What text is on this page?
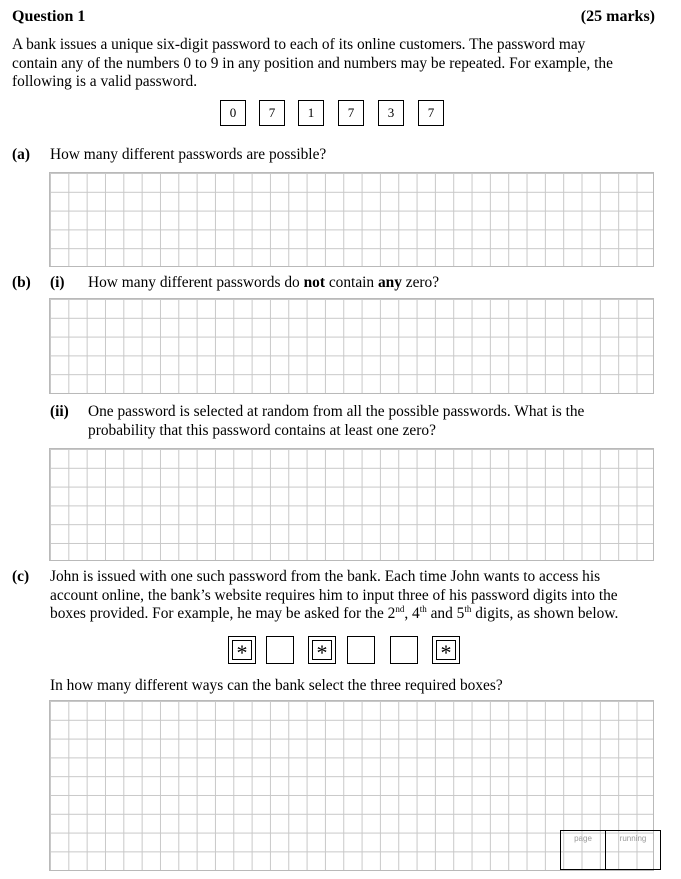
Question 1	(25 marks)
A bank issues a unique six-digit password to each of its online customers. The password may
contain any of the numbers 0 to 9 in any position and numbers may be repeated. For example, the
following is a valid password.
0	7	1	7	3	7
(a) How many different passwords are possible?
(b) (i) How many different passwords do not contain any zero?
(ii) One password is selected at random from all the possible passwords. What is the
probability that this password contains at least one zero?
(c) John is issued with one such password from the bank. Each time John wants to access his
account online, the bank’s website requires him to input three of his password digits into the
boxes provided. For example, he may be asked for the 2nd, 4th and 5th digits, as shown below.
*	*	*
In how many different ways can the bank select the three required boxes?
page	running
